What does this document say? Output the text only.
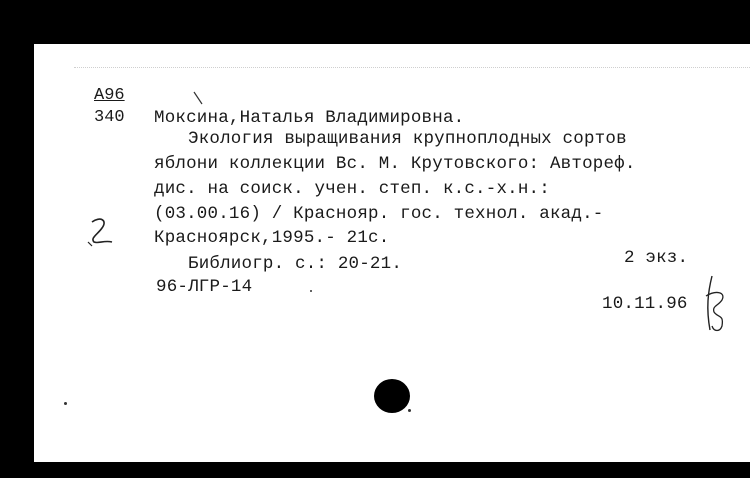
A96
340 Моксина,Наталья Владимировна.
Экология выращивания крупноплодных сортов
яблони коллекции Вс. М. Крутовского: Автореф.
дис. на соиск. учен. степ. к.с.-х.н.:
(03.00.16) / Краснояр. гос. технол. акад.-
Красноярск,1995.- 21с.
Библиогр. с.: 20-21.	2 экз.
96-ЛГР-14
10.11.96
